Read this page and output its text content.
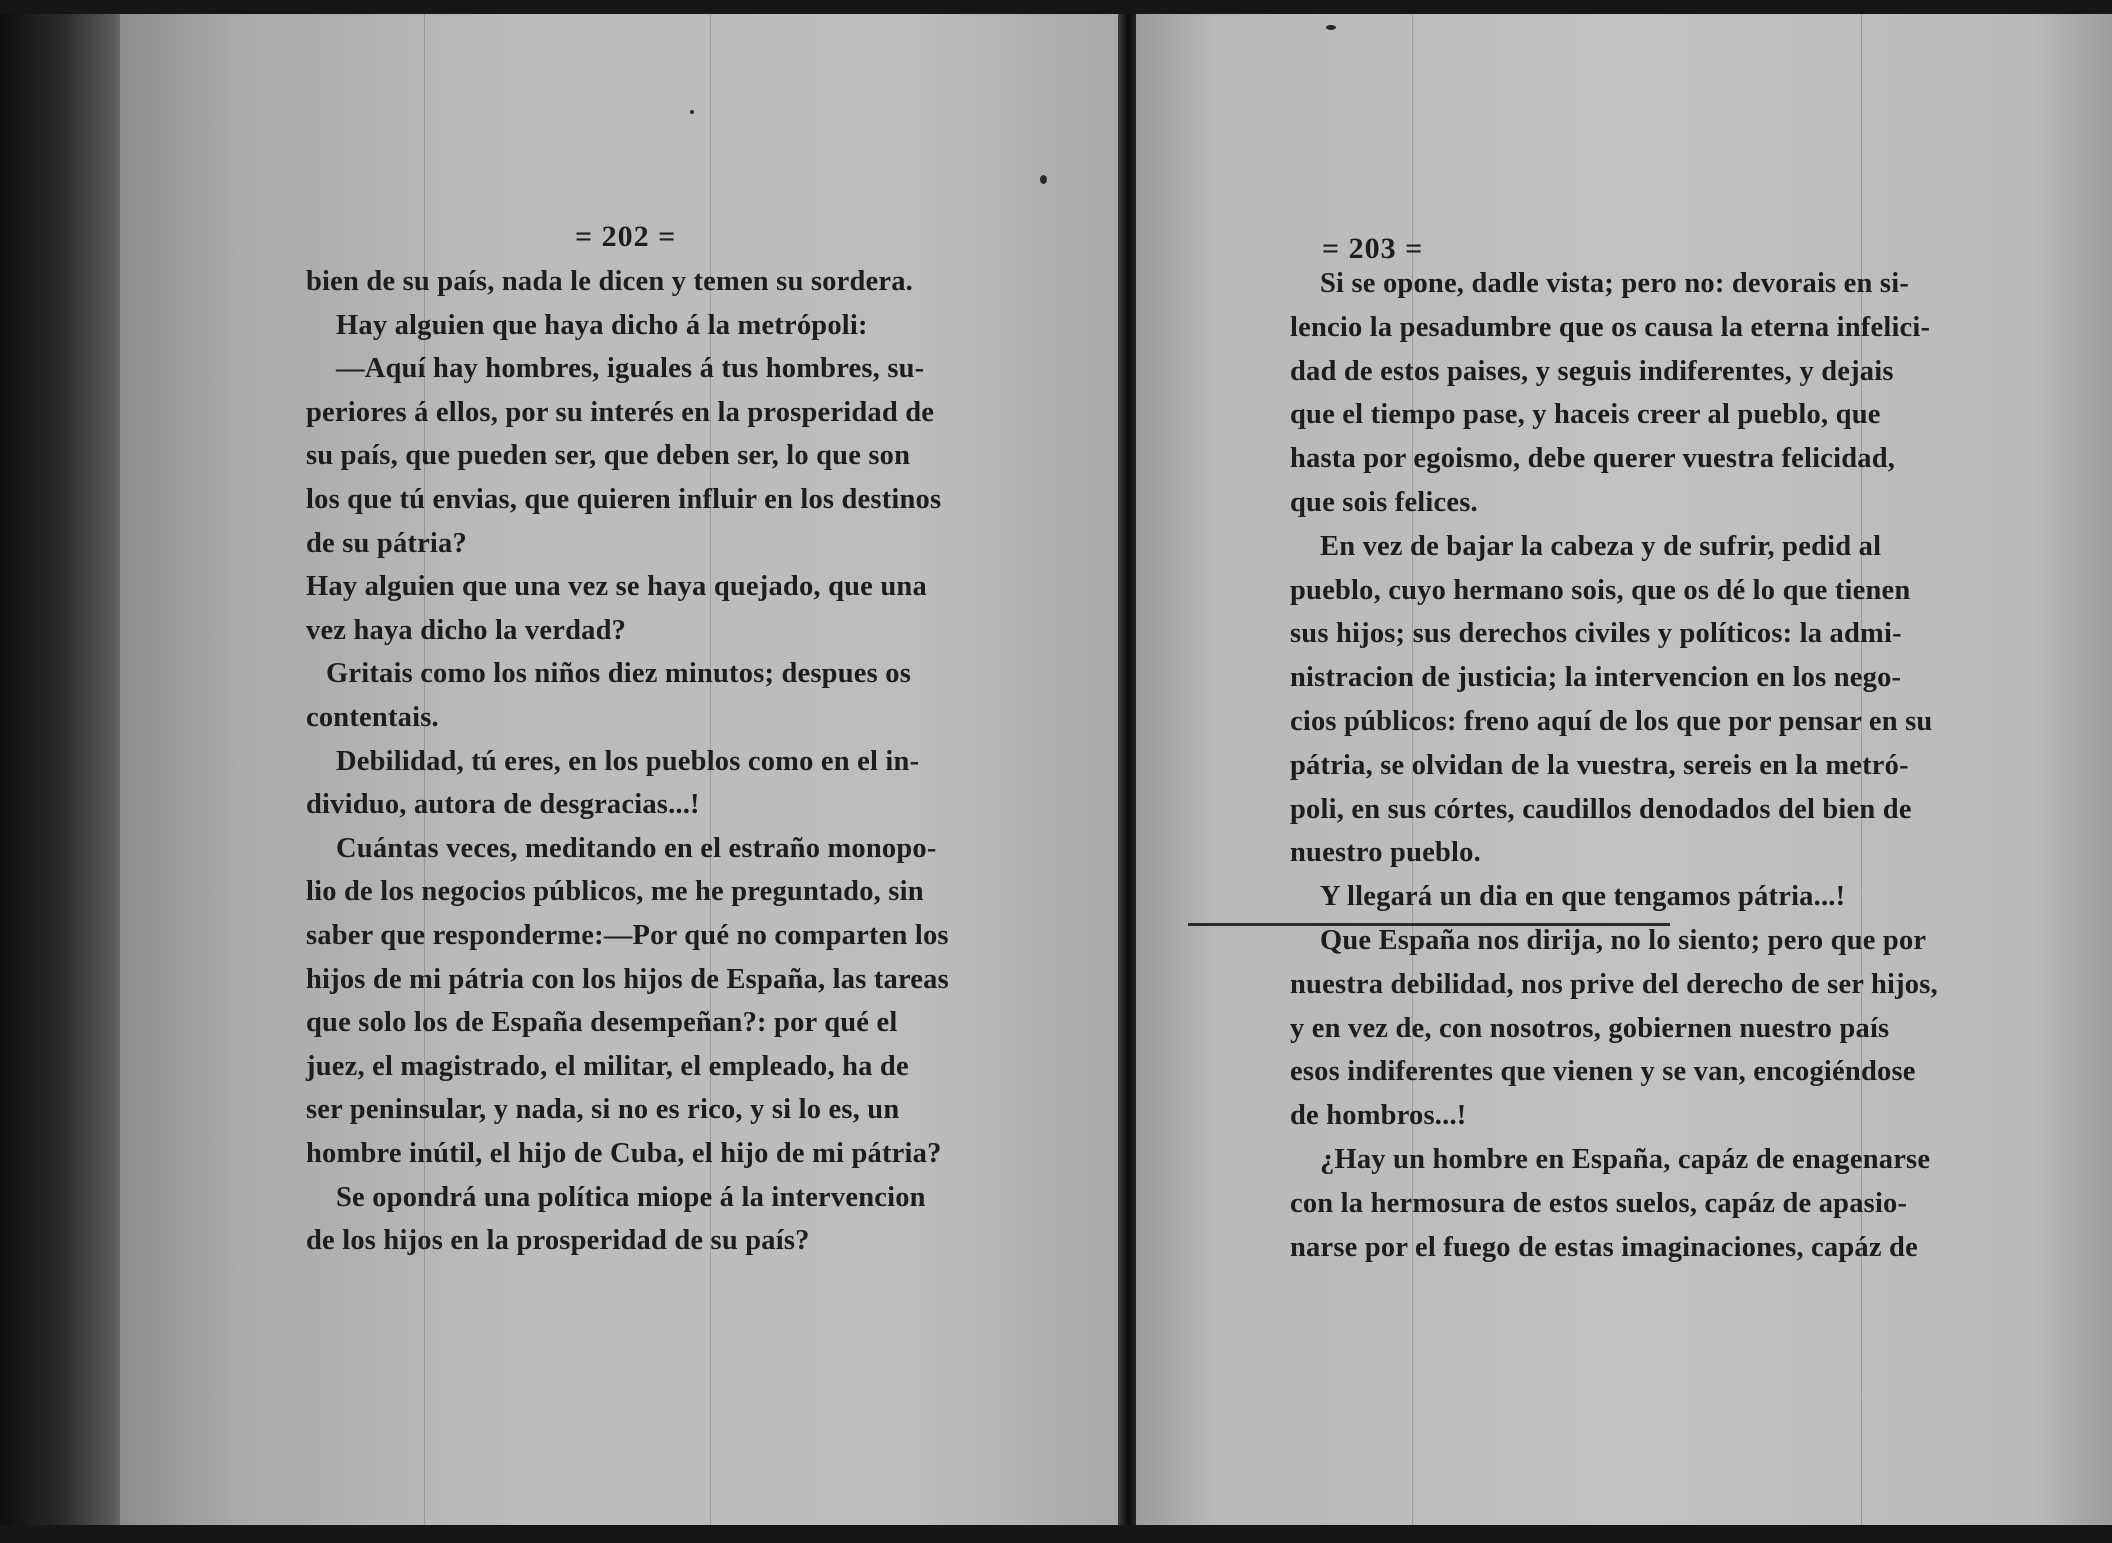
= 202 =
bien de su país, nada le dicen y temen su sordera.
Hay alguien que haya dicho á la metrópoli:
—Aquí hay hombres, iguales á tus hombres, su-
periores á ellos, por su interés en la prosperidad de
su país, que pueden ser, que deben ser, lo que son
los que tú envias, que quieren influir en los destinos
de su pátria?
Hay alguien que una vez se haya quejado, que una
vez haya dicho la verdad?
Gritais como los niños diez minutos; despues os
contentais.
Debilidad, tú eres, en los pueblos como en el in-
dividuo, autora de desgracias...!
Cuántas veces, meditando en el estraño monopo-
lio de los negocios públicos, me he preguntado, sin
saber que responderme:—Por qué no comparten los
hijos de mi pátria con los hijos de España, las tareas
que solo los de España desempeñan?: por qué el
juez, el magistrado, el militar, el empleado, ha de
ser peninsular, y nada, si no es rico, y si lo es, un
hombre inútil, el hijo de Cuba, el hijo de mi pátria?
Se opondrá una política miope á la intervencion
de los hijos en la prosperidad de su país?
= 203 =
Si se opone, dadle vista; pero no: devorais en si-
lencio la pesadumbre que os causa la eterna infelici-
dad de estos paises, y seguis indiferentes, y dejais
que el tiempo pase, y haceis creer al pueblo, que
hasta por egoismo, debe querer vuestra felicidad,
que sois felices.
En vez de bajar la cabeza y de sufrir, pedid al
pueblo, cuyo hermano sois, que os dé lo que tienen
sus hijos; sus derechos civiles y políticos: la admi-
nistracion de justicia; la intervencion en los nego-
cios públicos: freno aquí de los que por pensar en su
pátria, se olvidan de la vuestra, sereis en la metró-
poli, en sus córtes, caudillos denodados del bien de
nuestro pueblo.
Y llegará un dia en que tengamos pátria...!
Que España nos dirija, no lo siento; pero que por
nuestra debilidad, nos prive del derecho de ser hijos,
y en vez de, con nosotros, gobiernen nuestro país
esos indiferentes que vienen y se van, encogiéndose
de hombros...!
¿Hay un hombre en España, capáz de enagenarse
con la hermosura de estos suelos, capáz de apasio-
narse por el fuego de estas imaginaciones, capáz de
